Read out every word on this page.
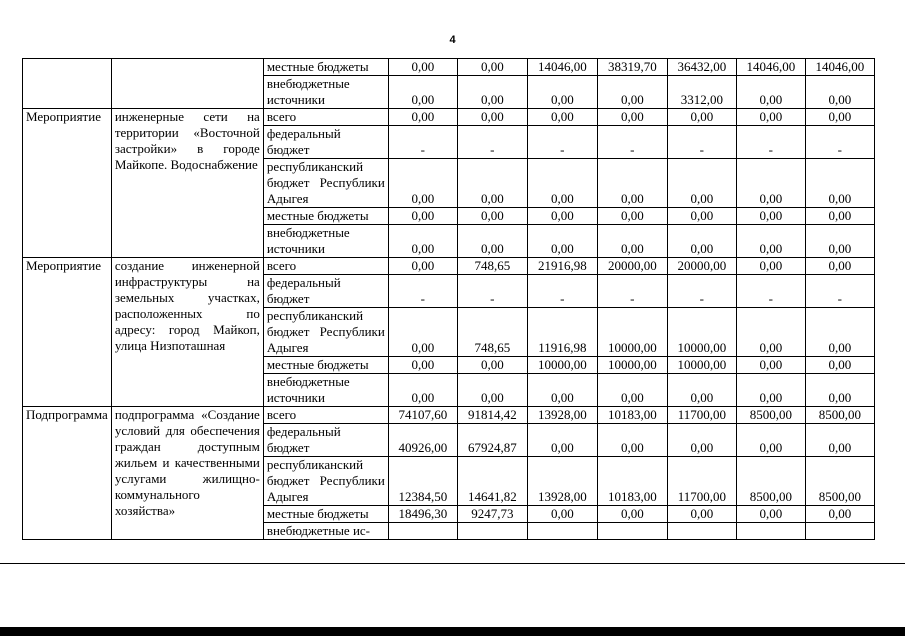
4
		местные бюджеты	0,00	0,00	14046,00	38319,70	36432,00	14046,00	14046,00
		внебюджетные источники	0,00	0,00	0,00	0,00	3312,00	0,00	0,00
Мероприятие	инженерные сети на территории «Восточной застройки» в городе Майкопе. Водоснабжение	всего	0,00	0,00	0,00	0,00	0,00	0,00	0,00
		федеральный бюджет	-	-	-	-	-	-	-
		республиканский бюджет Республики Адыгея	0,00	0,00	0,00	0,00	0,00	0,00	0,00
		местные бюджеты	0,00	0,00	0,00	0,00	0,00	0,00	0,00
		внебюджетные источники	0,00	0,00	0,00	0,00	0,00	0,00	0,00
Мероприятие	создание инженерной инфраструктуры на земельных участках, расположенных по адресу: город Майкоп, улица Низпоташная	всего	0,00	748,65	21916,98	20000,00	20000,00	0,00	0,00
		федеральный бюджет	-	-	-	-	-	-	-
		республиканский бюджет Республики Адыгея	0,00	748,65	11916,98	10000,00	10000,00	0,00	0,00
		местные бюджеты	0,00	0,00	10000,00	10000,00	10000,00	0,00	0,00
		внебюджетные источники	0,00	0,00	0,00	0,00	0,00	0,00	0,00
Подпрограмма	подпрограмма «Создание условий для обеспечения граждан доступным жильем и качественными услугами жилищно-коммунального хозяйства»	всего	74107,60	91814,42	13928,00	10183,00	11700,00	8500,00	8500,00
		федеральный бюджет	40926,00	67924,87	0,00	0,00	0,00	0,00	0,00
		республиканский бюджет Республики Адыгея	12384,50	14641,82	13928,00	10183,00	11700,00	8500,00	8500,00
		местные бюджеты	18496,30	9247,73	0,00	0,00	0,00	0,00	0,00
		внебюджетные ис-							
